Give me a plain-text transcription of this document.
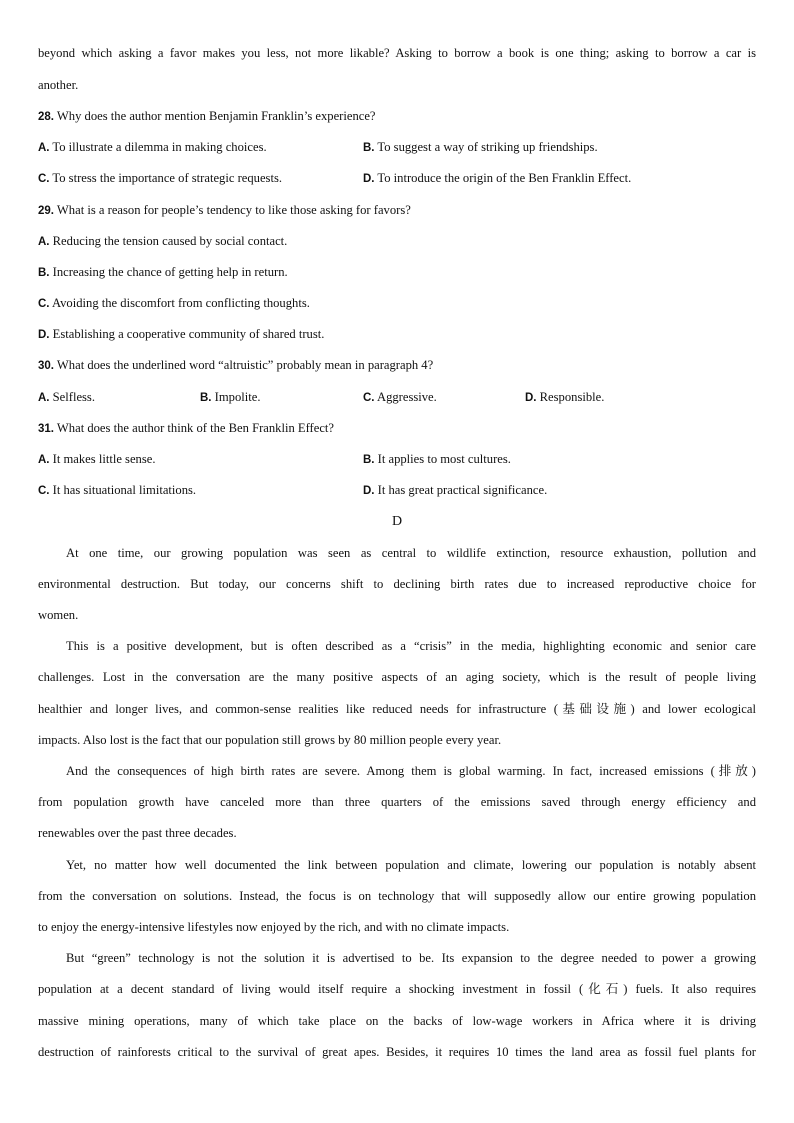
beyond which asking a favor makes you less, not more likable? Asking to borrow a book is one thing; asking to borrow a car is
another.
28. Why does the author mention Benjamin Franklin’s experience?
A. To illustrate a dilemma in making choices.	B. To suggest a way of striking up friendships.
C. To stress the importance of strategic requests.	D. To introduce the origin of the Ben Franklin Effect.
29. What is a reason for people’s tendency to like those asking for favors?
A. Reducing the tension caused by social contact.
B. Increasing the chance of getting help in return.
C. Avoiding the discomfort from conflicting thoughts.
D. Establishing a cooperative community of shared trust.
30. What does the underlined word “altruistic” probably mean in paragraph 4?
A. Selfless.	B. Impolite.	C. Aggressive.	D. Responsible.
31. What does the author think of the Ben Franklin Effect?
A. It makes little sense.	B. It applies to most cultures.
C. It has situational limitations.	D. It has great practical significance.
D
At one time, our growing population was seen as central to wildlife extinction, resource exhaustion, pollution and
environmental destruction. But today, our concerns shift to declining birth rates due to increased reproductive choice for
women.
This is a positive development, but is often described as a “crisis” in the media, highlighting economic and senior care
challenges. Lost in the conversation are the many positive aspects of an aging society, which is the result of people living
healthier and longer lives, and common-sense realities like reduced needs for infrastructure (基础设施) and lower ecological
impacts. Also lost is the fact that our population still grows by 80 million people every year.
And the consequences of high birth rates are severe. Among them is global warming. In fact, increased emissions (排放)
from population growth have canceled more than three quarters of the emissions saved through energy efficiency and
renewables over the past three decades.
Yet, no matter how well documented the link between population and climate, lowering our population is notably absent
from the conversation on solutions. Instead, the focus is on technology that will supposedly allow our entire growing population
to enjoy the energy-intensive lifestyles now enjoyed by the rich, and with no climate impacts.
But “green” technology is not the solution it is advertised to be. Its expansion to the degree needed to power a growing
population at a decent standard of living would itself require a shocking investment in fossil (化石) fuels. It also requires
massive mining operations, many of which take place on the backs of low-wage workers in Africa where it is driving
destruction of rainforests critical to the survival of great apes. Besides, it requires 10 times the land area as fossil fuel plants for
